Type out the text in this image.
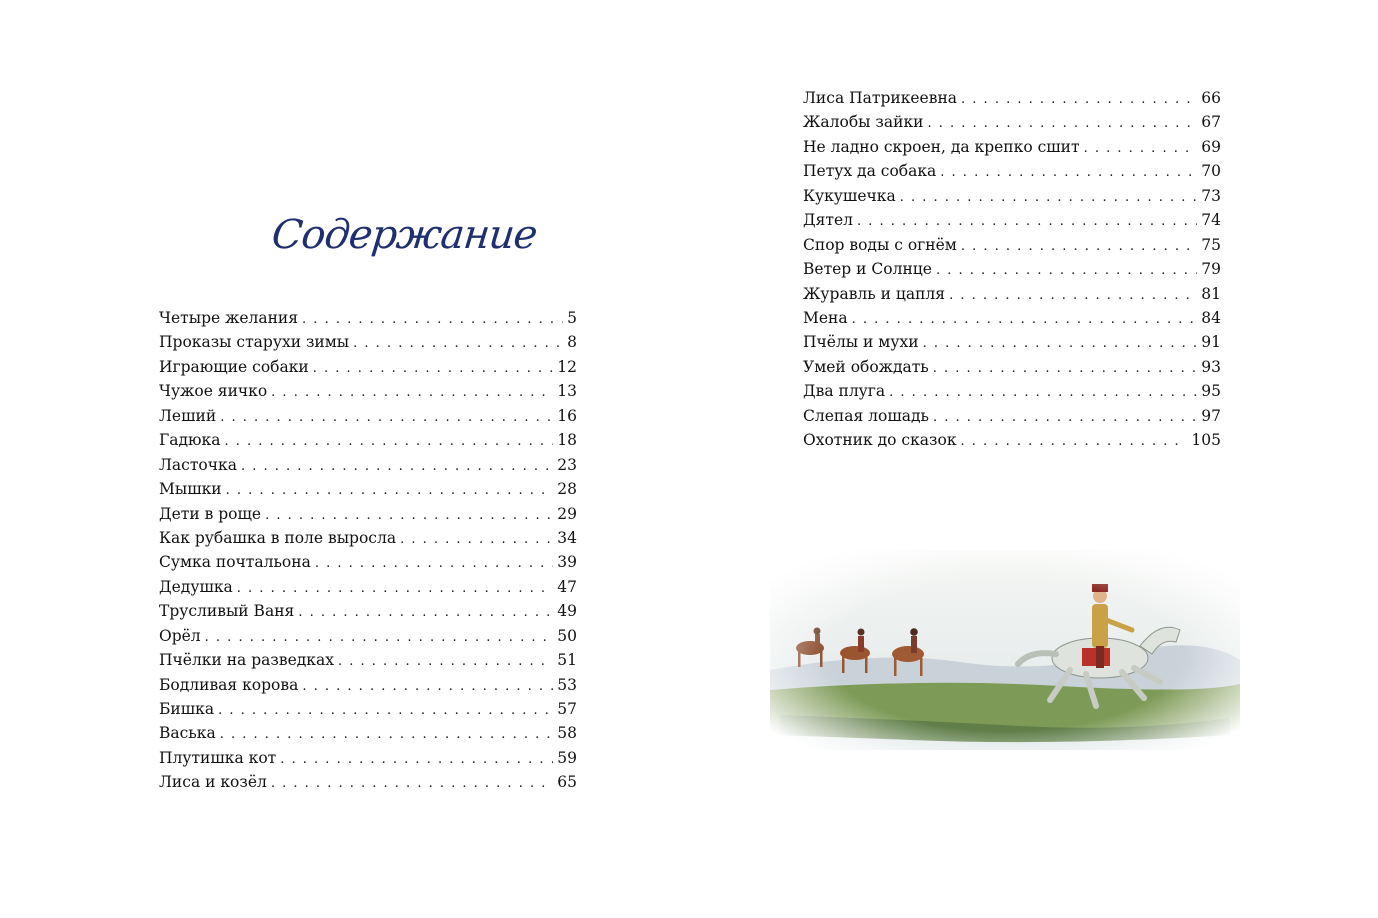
Содержание
Четыре желания . . .	5
Проказы старухи зимы . . .	8
Играющие собаки . . .	12
Чужое яичко . . .	13
Леший . . .	16
Гадюка . . .	18
Ласточка . . .	23
Мышки . . .	28
Дети в роще . . .	29
Как рубашка в поле выросла . . .	34
Сумка почтальона . . .	39
Дедушка . . .	47
Трусливый Ваня . . .	49
Орёл . . .	50
Пчёлки на разведках . . .	51
Бодливая корова . . .	53
Бишка . . .	57
Васька . . .	58
Плутишка кот . . .	59
Лиса и козёл . . .	65
Лиса Патрикеевна . . .	66
Жалобы зайки . . .	67
Не ладно скроен, да крепко сшит . . .	69
Петух да собака . . .	70
Кукушечка . . .	73
Дятел . . .	74
Спор воды с огнём . . .	75
Ветер и Солнце . . .	79
Журавль и цапля . . .	81
Мена . . .	84
Пчёлы и мухи . . .	91
Умей обождать . . .	93
Два плуга . . .	95
Слепая лошадь . . .	97
Охотник до сказок . . .	105
